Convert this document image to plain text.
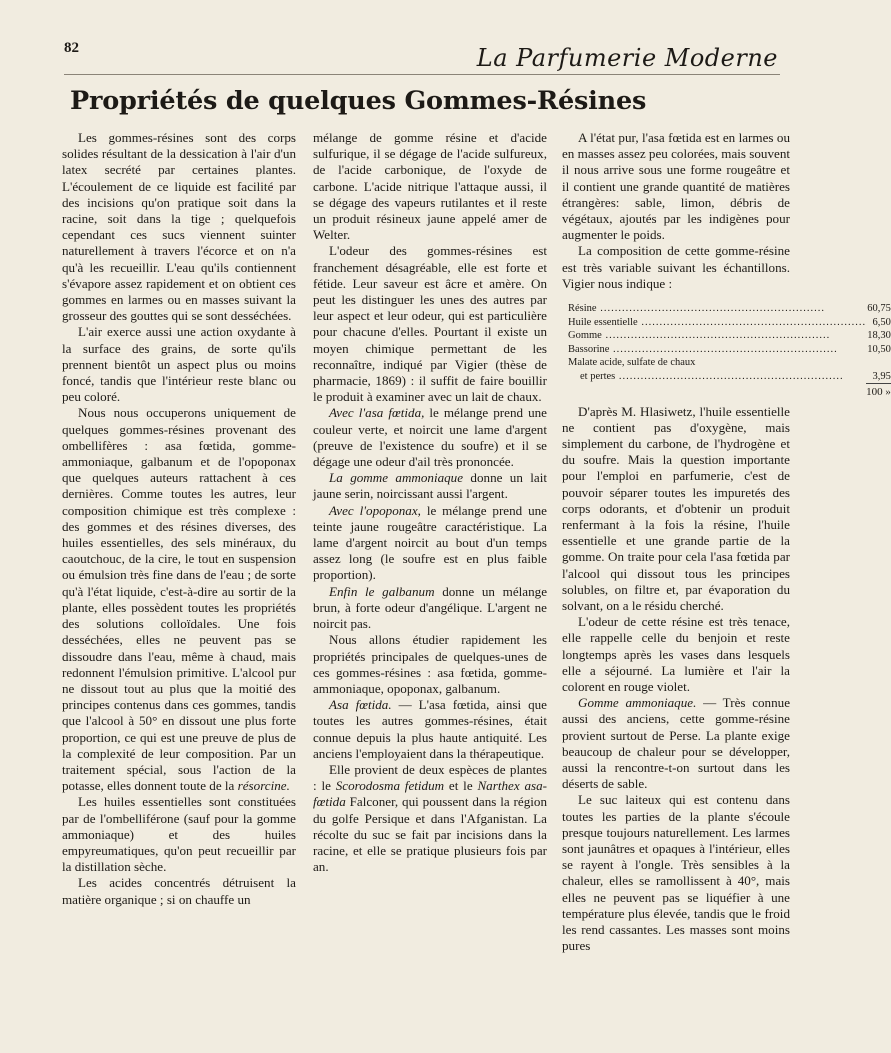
82	La Parfumerie Moderne
Propriétés de quelques Gommes-Résines

Les gommes-résines sont des corps solides résultant de la dessication à l'air d'un latex secrété par certaines plantes. L'écoulement de ce liquide est facilité par des incisions qu'on pratique soit dans la racine, soit dans la tige ; quelquefois cependant ces sucs viennent suinter naturellement à travers l'écorce et on n'a qu'à les recueillir. L'eau qu'ils contiennent s'évapore assez rapidement et on obtient ces gommes en larmes ou en masses suivant la grosseur des gouttes qui se sont desséchées.

L'air exerce aussi une action oxydante à la surface des grains, de sorte qu'ils prennent bientôt un aspect plus ou moins foncé, tandis que l'intérieur reste blanc ou peu coloré.

Nous nous occuperons uniquement de quelques gommes-résines provenant des ombellifères : asa fœtida, gomme-ammoniaque, galbanum et de l'opoponax que quelques auteurs rattachent à ces dernières. Comme toutes les autres, leur composition chimique est très complexe : des gommes et des résines diverses, des huiles essentielles, des sels minéraux, du caoutchouc, de la cire, le tout en suspension ou émulsion très fine dans de l'eau ; de sorte qu'à l'état liquide, c'est-à-dire au sortir de la plante, elles possèdent toutes les propriétés des solutions colloïdales. Une fois desséchées, elles ne peuvent pas se dissoudre dans l'eau, même à chaud, mais redonnent l'émulsion primitive. L'alcool pur ne dissout tout au plus que la moitié des principes contenus dans ces gommes, tandis que l'alcool à 50° en dissout une plus forte proportion, ce qui est une preuve de plus de la complexité de leur composition. Par un traitement spécial, sous l'action de la potasse, elles donnent toute de la résorcine.

Les huiles essentielles sont constituées par de l'ombelliférone (sauf pour la gomme ammoniaque) et des huiles empyreumatiques, qu'on peut recueillir par la distillation sèche.

Les acides concentrés détruisent la matière organique ; si on chauffe un

mélange de gomme résine et d'acide sulfurique, il se dégage de l'acide sulfureux, de l'acide carbonique, de l'oxyde de carbone. L'acide nitrique l'attaque aussi, il se dégage des vapeurs rutilantes et il reste un produit résineux jaune appelé amer de Welter.

L'odeur des gommes-résines est franchement désagréable, elle est forte et fétide. Leur saveur est âcre et amère. On peut les distinguer les unes des autres par leur aspect et leur odeur, qui est particulière pour chacune d'elles. Pourtant il existe un moyen chimique permettant de les reconnaître, indiqué par Vigier (thèse de pharmacie, 1869) : il suffit de faire bouillir le produit à examiner avec un lait de chaux.

Avec l'asa fœtida, le mélange prend une couleur verte, et noircit une lame d'argent (preuve de l'existence du soufre) et il se dégage une odeur d'ail très prononcée.

La gomme ammoniaque donne un lait jaune serin, noircissant aussi l'argent.

Avec l'opoponax, le mélange prend une teinte jaune rougeâtre caractéristique. La lame d'argent noircit au bout d'un temps assez long (le soufre est en plus faible proportion).

Enfin le galbanum donne un mélange brun, à forte odeur d'angélique. L'argent ne noircit pas.

Nous allons étudier rapidement les propriétés principales de quelques-unes de ces gommes-résines : asa fœtida, gomme-ammoniaque, opoponax, galbanum.

Asa fœtida. — L'asa fœtida, ainsi que toutes les autres gommes-résines, était connue depuis la plus haute antiquité. Les anciens l'employaient dans la thérapeutique.

Elle provient de deux espèces de plantes : le Scorodosma fetidum et le Narthex asa-fœtida Falconer, qui poussent dans la région du golfe Persique et dans l'Afganistan. La récolte du suc se fait par incisions dans la racine, et elle se pratique plusieurs fois par an.

A l'état pur, l'asa fœtida est en larmes ou en masses assez peu colorées, mais souvent il nous arrive sous une forme rougeâtre et il contient une grande quantité de matières étrangères: sable, limon, débris de végétaux, ajoutés par les indigènes pour augmenter le poids.

La composition de cette gomme-résine est très variable suivant les échantillons. Vigier nous indique :

Résine .....	60,75

Huile essentielle .....	6,50

Gomme .....	18,30

Bassorine .....	10,50

Malate acide, sulfate de chaux	

et pertes .....	3,95
	100 »

D'après M. Hlasiwetz, l'huile essentielle ne contient pas d'oxygène, mais simplement du carbone, de l'hydrogène et du soufre. Mais la question importante pour l'emploi en parfumerie, c'est de pouvoir séparer toutes les impuretés des corps odorants, et d'obtenir un produit renfermant à la fois la résine, l'huile essentielle et une grande partie de la gomme. On traite pour cela l'asa fœtida par l'alcool qui dissout tous les principes solubles, on filtre et, par évaporation du solvant, on a le résidu cherché.

L'odeur de cette résine est très tenace, elle rappelle celle du benjoin et reste longtemps après les vases dans lesquels elle a séjourné. La lumière et l'air la colorent en rouge violet.

Gomme ammoniaque. — Très connue aussi des anciens, cette gomme-résine provient surtout de Perse. La plante exige beaucoup de chaleur pour se développer, aussi la rencontre-t-on surtout dans les déserts de sable.

Le suc laiteux qui est contenu dans toutes les parties de la plante s'écoule presque toujours naturellement. Les larmes sont jaunâtres et opaques à l'intérieur, elles se rayent à l'ongle. Très sensibles à la chaleur, elles se ramollissent à 40°, mais elles ne peuvent pas se liquéfier à une température plus élevée, tandis que le froid les rend cassantes. Les masses sont moins pures
